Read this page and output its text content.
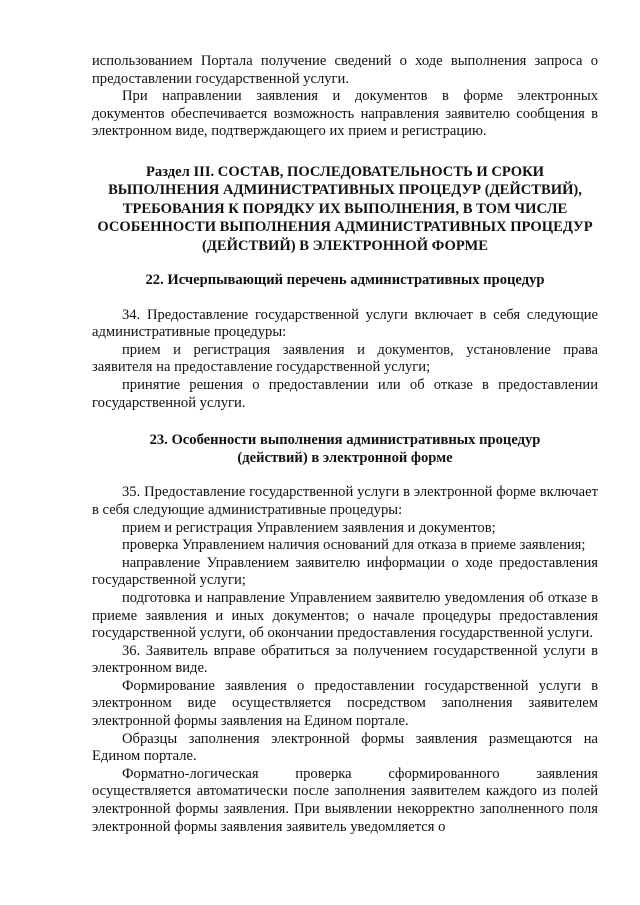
использованием Портала получение сведений о ходе выполнения запроса о предоставлении государственной услуги.

При направлении заявления и документов в форме электронных документов обеспечивается возможность направления заявителю сообщения в электронном виде, подтверждающего их прием и регистрацию.

Раздел III. СОСТАВ, ПОСЛЕДОВАТЕЛЬНОСТЬ И СРОКИ ВЫПОЛНЕНИЯ АДМИНИСТРАТИВНЫХ ПРОЦЕДУР (ДЕЙСТВИЙ), ТРЕБОВАНИЯ К ПОРЯДКУ ИХ ВЫПОЛНЕНИЯ, В ТОМ ЧИСЛЕ ОСОБЕННОСТИ ВЫПОЛНЕНИЯ АДМИНИСТРАТИВНЫХ ПРОЦЕДУР (ДЕЙСТВИЙ) В ЭЛЕКТРОННОЙ ФОРМЕ
22. Исчерпывающий перечень административных процедур

34. Предоставление государственной услуги включает в себя следующие административные процедуры:

прием и регистрация заявления и документов, установление права заявителя на предоставление государственной услуги;

принятие решения о предоставлении или об отказе в предоставлении государственной услуги.

23. Особенности выполнения административных процедур
(действий) в электронной форме

35. Предоставление государственной услуги в электронной форме включает в себя следующие административные процедуры:

прием и регистрация Управлением заявления и документов;

проверка Управлением наличия оснований для отказа в приеме заявления;

направление Управлением заявителю информации о ходе предоставления государственной услуги;

подготовка и направление Управлением заявителю уведомления об отказе в приеме заявления и иных документов; о начале процедуры предоставления государственной услуги, об окончании предоставления государственной услуги.

36. Заявитель вправе обратиться за получением государственной услуги в электронном виде.

Формирование заявления о предоставлении государственной услуги в электронном виде осуществляется посредством заполнения заявителем электронной формы заявления на Едином портале.

Образцы заполнения электронной формы заявления размещаются на Едином портале.

Форматно-логическая проверка сформированного заявления осуществляется автоматически после заполнения заявителем каждого из полей электронной формы заявления. При выявлении некорректно заполненного поля электронной формы заявления заявитель уведомляется о
